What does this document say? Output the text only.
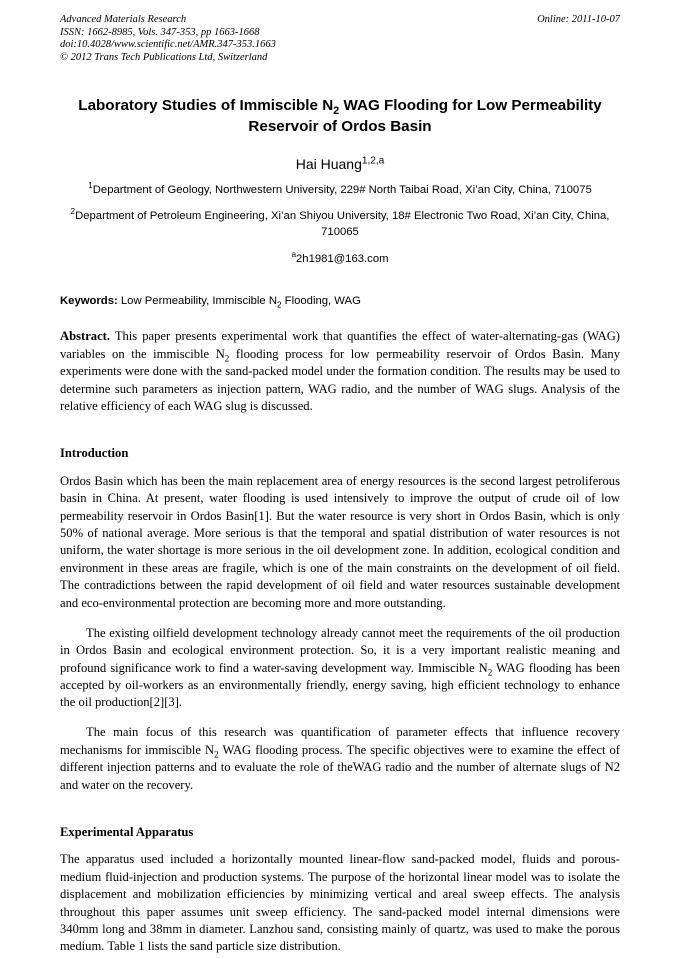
Advanced Materials Research
ISSN: 1662-8985, Vols. 347-353, pp 1663-1668
doi:10.4028/www.scientific.net/AMR.347-353.1663
© 2012 Trans Tech Publications Ltd, Switzerland
Online: 2011-10-07
Laboratory Studies of Immiscible $N_2$ WAG Flooding for Low Permeability Reservoir of Ordos Basin
Hai Huang$^{1,2,a}$
$^1$Department of Geology, Northwestern University, 229# North Taibai Road, Xi’an City, China, 710075
$^2$Department of Petroleum Engineering, Xi’an Shiyou University, 18# Electronic Two Road, Xi’an City, China, 710065
$^a$2h1981@163.com
Keywords: Low Permeability, Immiscible $N_2$ Flooding, WAG
Abstract. This paper presents experimental work that quantifies the effect of water-alternating-gas (WAG) variables on the immiscible $N_2$ flooding process for low permeability reservoir of Ordos Basin. Many experiments were done with the sand-packed model under the formation condition. The results may be used to determine such parameters as injection pattern, WAG radio, and the number of WAG slugs. Analysis of the relative efficiency of each WAG slug is discussed.
Introduction

Ordos Basin which has been the main replacement area of energy resources is the second largest petroliferous basin in China. At present, water flooding is used intensively to improve the output of crude oil of low permeability reservoir in Ordos Basin[1]. But the water resource is very short in Ordos Basin, which is only 50% of national average. More serious is that the temporal and spatial distribution of water resources is not uniform, the water shortage is more serious in the oil development zone. In addition, ecological condition and environment in these areas are fragile, which is one of the main constraints on the development of oil field. The contradictions between the rapid development of oil field and water resources sustainable development and eco-environmental protection are becoming more and more outstanding.

The existing oilfield development technology already cannot meet the requirements of the oil production in Ordos Basin and ecological environment protection. So, it is a very important realistic meaning and profound significance work to find a water-saving development way. Immiscible $N_2$ WAG flooding has been accepted by oil-workers as an environmentally friendly, energy saving, high efficient technology to enhance the oil production[2][3].

The main focus of this research was quantification of parameter effects that influence recovery mechanisms for immiscible $N_2$ WAG flooding process. The specific objectives were to examine the effect of different injection patterns and to evaluate the role of theWAG radio and the number of alternate slugs of N2 and water on the recovery.

Experimental Apparatus

The apparatus used included a horizontally mounted linear-flow sand-packed model, fluids and porous-medium fluid-injection and production systems. The purpose of the horizontal linear model was to isolate the displacement and mobilization efficiencies by minimizing vertical and areal sweep effects. The analysis throughout this paper assumes unit sweep efficiency. The sand-packed model internal dimensions were 340mm long and 38mm in diameter. Lanzhou sand, consisting mainly of quartz, was used to make the porous medium. Table 1 lists the sand particle size distribution.
